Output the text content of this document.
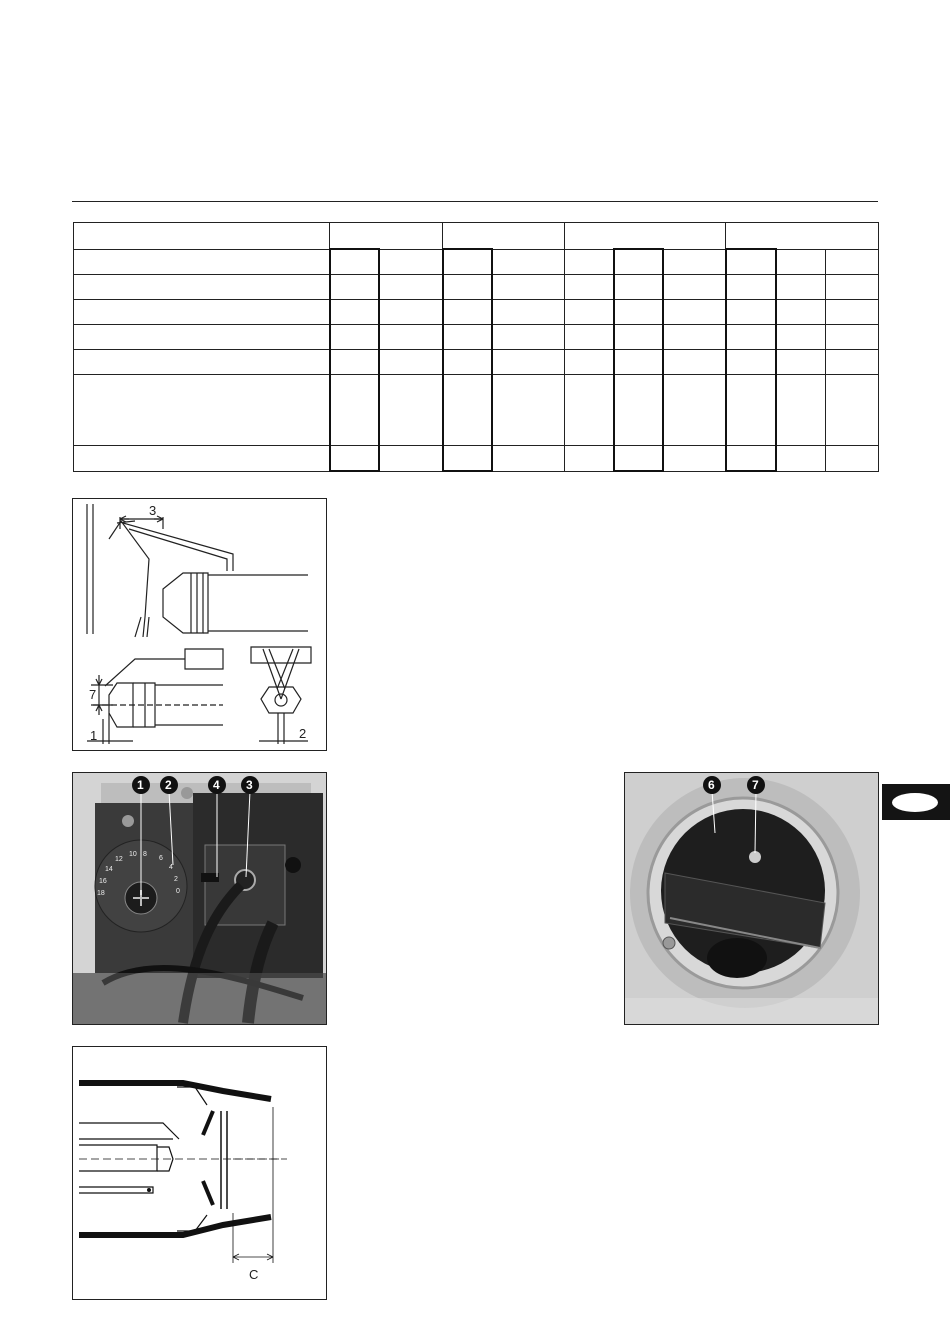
3
7
1	2
18
16
14
12
10 8
6
4
2
0
1 2	4 3	6	7
C
